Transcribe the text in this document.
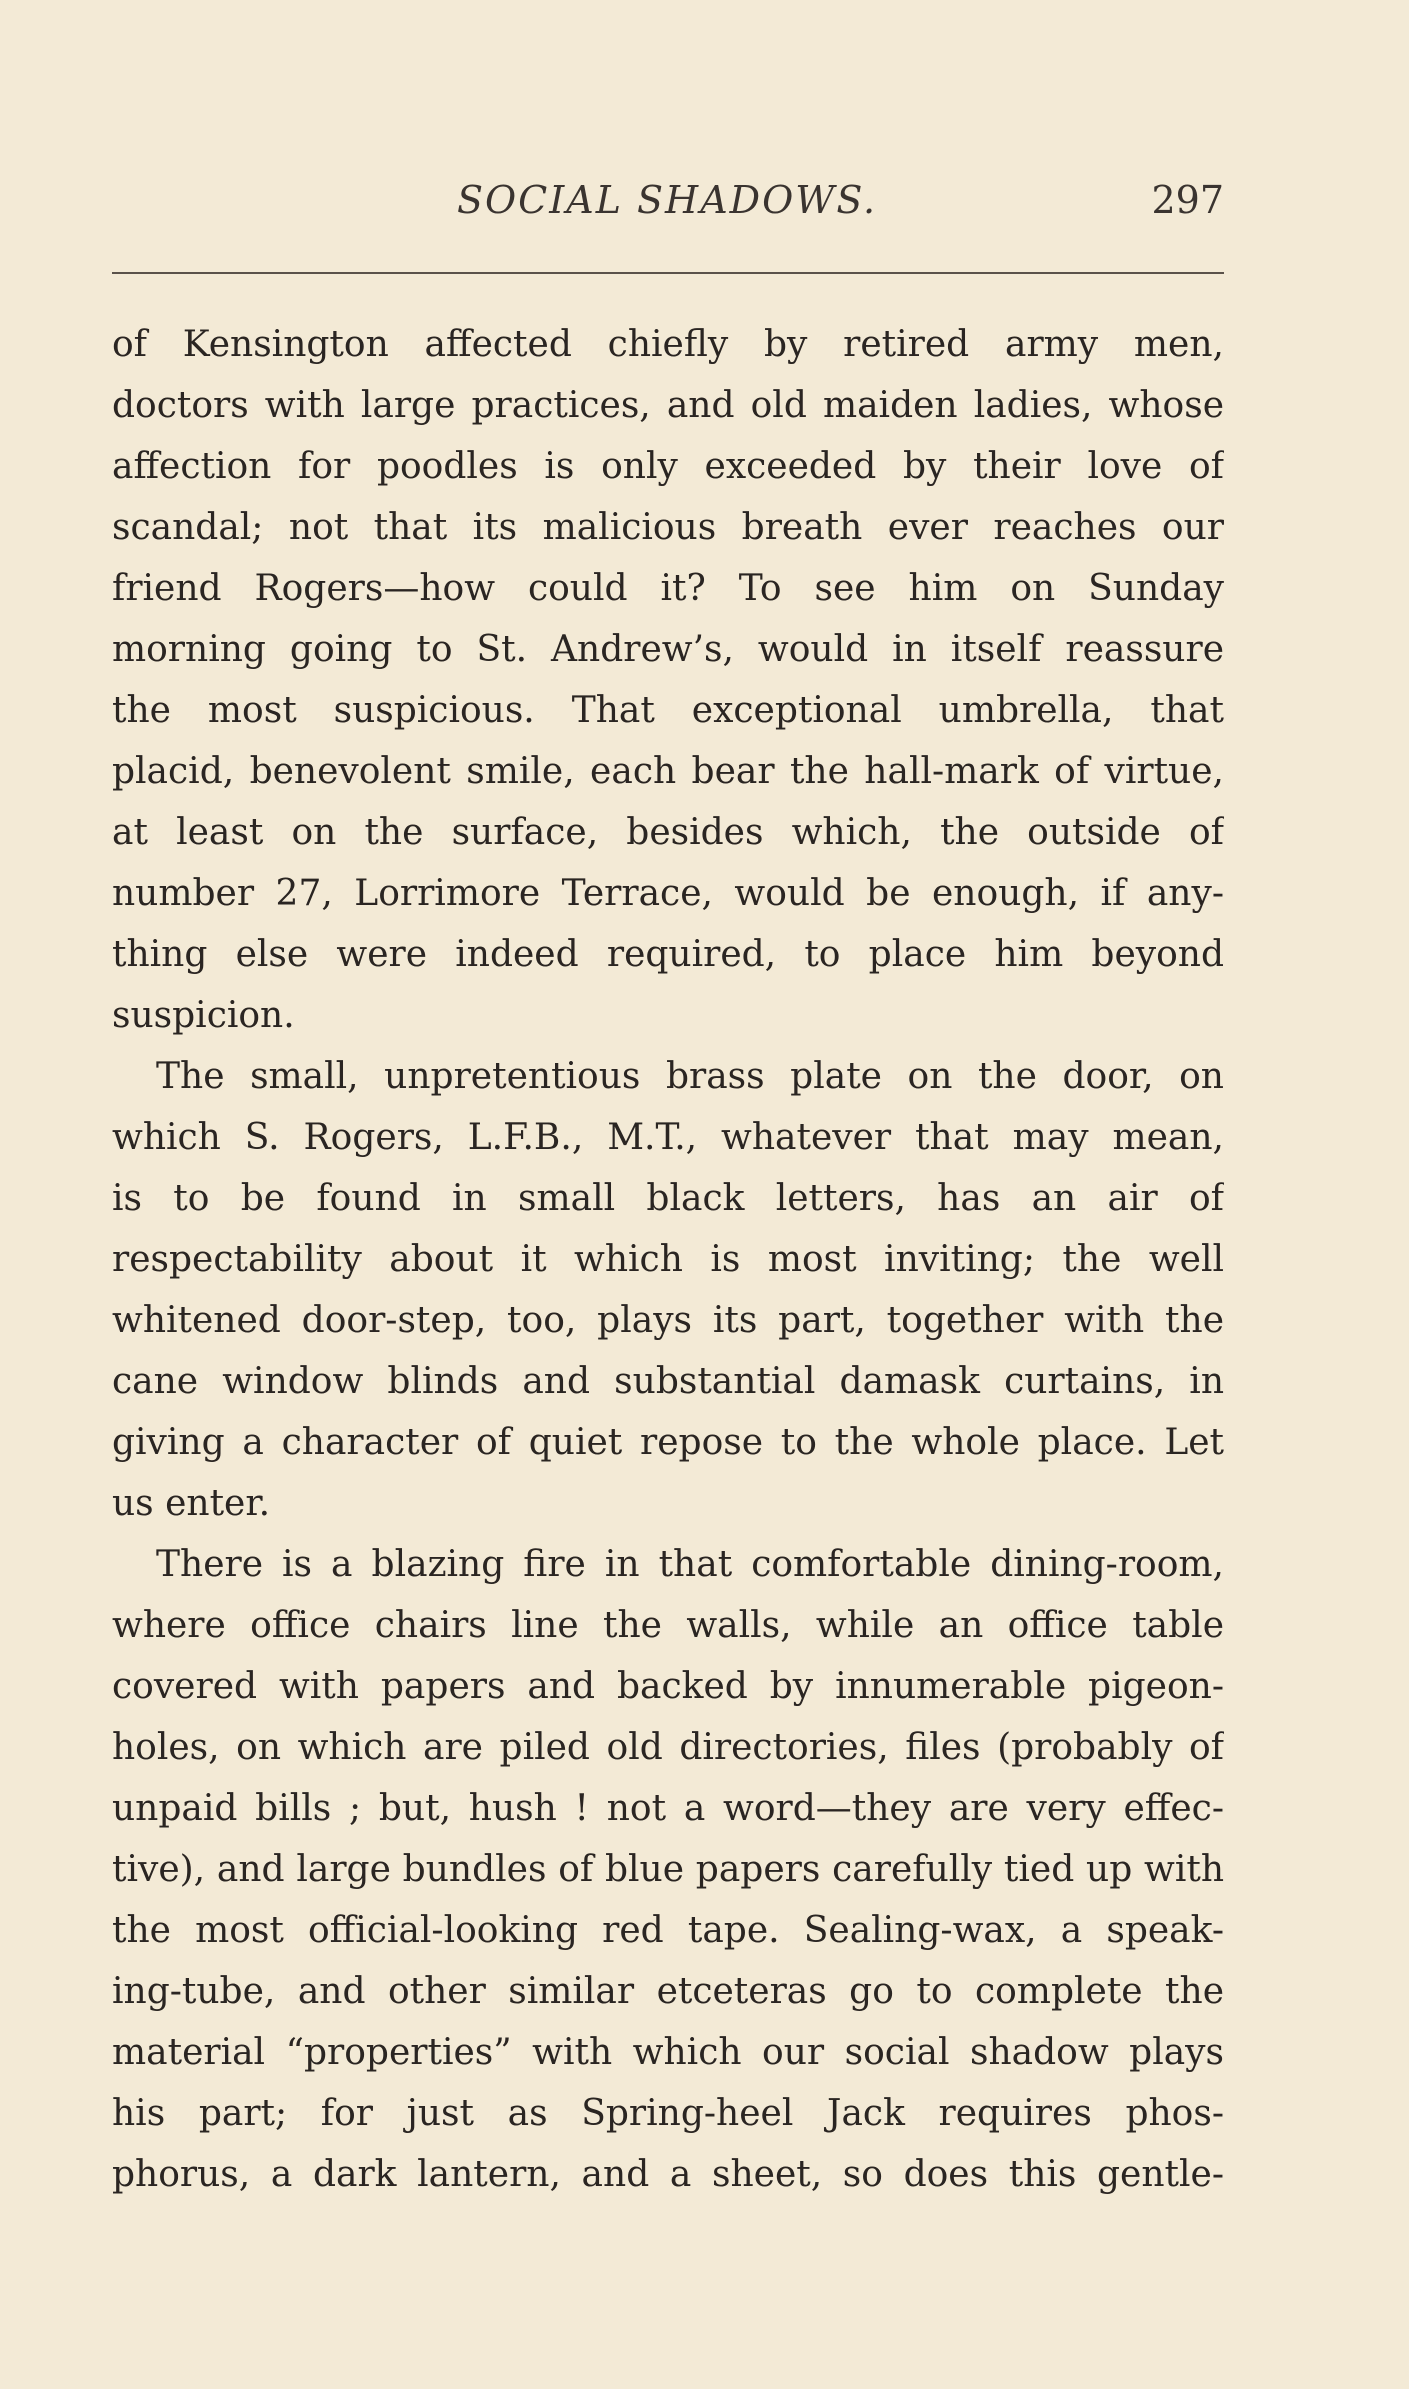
SOCIAL SHADOWS.	297
of Kensington affected chiefly by retired army men,
doctors with large practices, and old maiden ladies, whose
affection for poodles is only exceeded by their love of
scandal; not that its malicious breath ever reaches our
friend Rogers—how could it? To see him on Sunday
morning going to St. Andrew’s, would in itself reassure
the most suspicious. That exceptional umbrella, that
placid, benevolent smile, each bear the hall-mark of virtue,
at least on the surface, besides which, the outside of
number 27, Lorrimore Terrace, would be enough, if any-
thing else were indeed required, to place him beyond
suspicion.
The small, unpretentious brass plate on the door, on
which S. Rogers, L.F.B., M.T., whatever that may mean,
is to be found in small black letters, has an air of
respectability about it which is most inviting; the well
whitened door-step, too, plays its part, together with the
cane window blinds and substantial damask curtains, in
giving a character of quiet repose to the whole place. Let
us enter.
There is a blazing fire in that comfortable dining-room,
where office chairs line the walls, while an office table
covered with papers and backed by innumerable pigeon-
holes, on which are piled old directories, files (probably of
unpaid bills ; but, hush ! not a word—they are very effec-
tive), and large bundles of blue papers carefully tied up with
the most official-looking red tape. Sealing-wax, a speak-
ing-tube, and other similar etceteras go to complete the
material “properties” with which our social shadow plays
his part; for just as Spring-heel Jack requires phos-
phorus, a dark lantern, and a sheet, so does this gentle-
